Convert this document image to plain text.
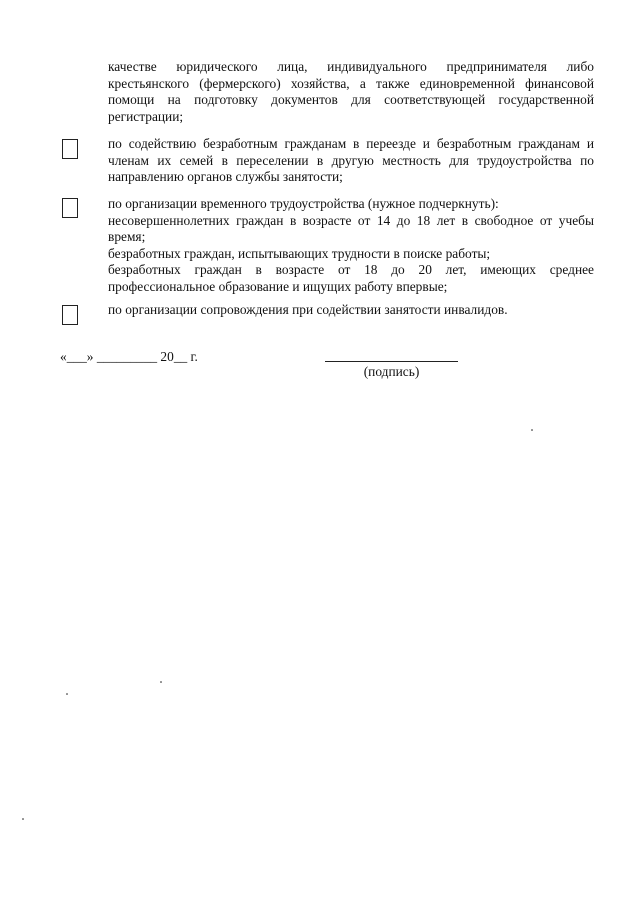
качестве юридического лица, индивидуального предпринимателя либо
крестьянского (фермерского) хозяйства, а также единовременной финансовой
помощи на подготовку документов для соответствующей государственной
регистрации;
по содействию безработным гражданам в переезде и безработным гражданам и
членам их семей в переселении в другую местность для трудоустройства по
направлению органов службы занятости;
по организации временного трудоустройства (нужное подчеркнуть):
несовершеннолетних граждан в возрасте от 14 до 18 лет в свободное от учебы
время;
безработных граждан, испытывающих трудности в поиске работы;
безработных граждан в возрасте от 18 до 20 лет, имеющих среднее
профессиональное образование и ищущих работу впервые;
по организации сопровождения при содействии занятости инвалидов.
«___» _________ 20__ г.
(подпись)
